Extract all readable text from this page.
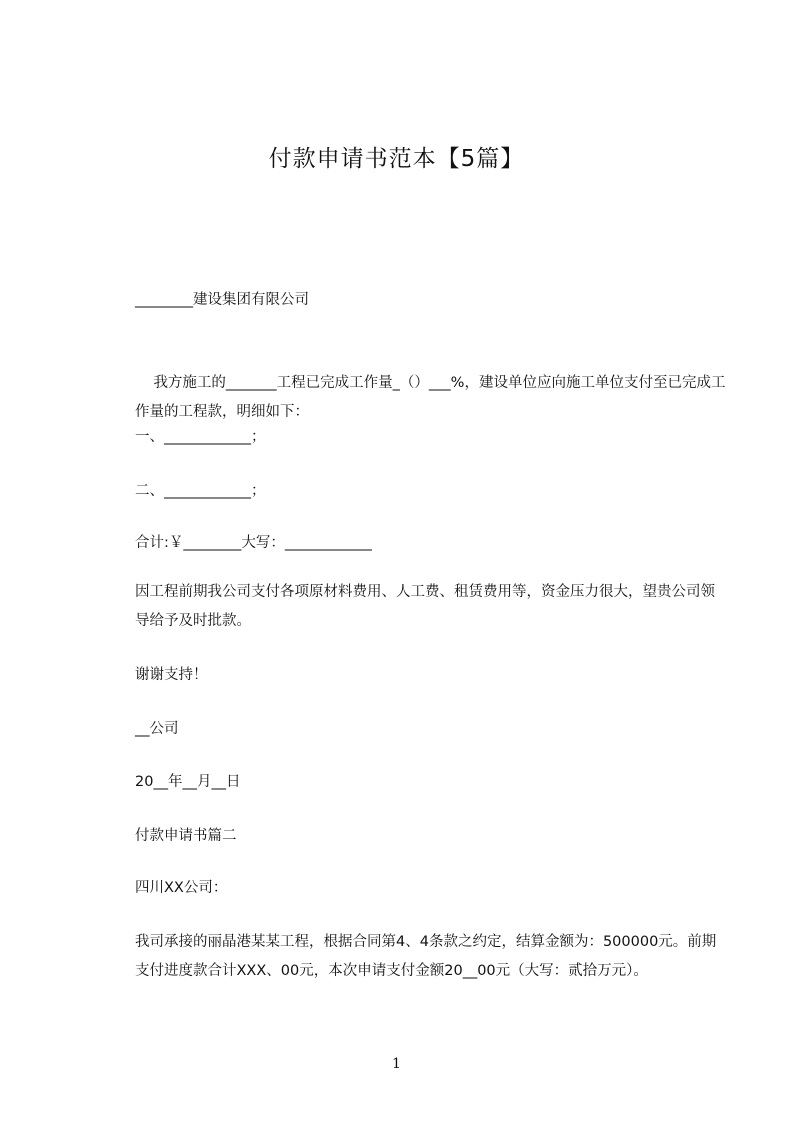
付款申请书范本【5篇】
________建设集团有限公司

我方施工的_______工程已完成工作量_（）___%，建设单位应向施工单位支付至已完成工作量的工程款，明细如下：

一、____________；
二、____________；
合计:￥________大写：____________
因工程前期我公司支付各项原材料费用、人工费、租赁费用等，资金压力很大，望贵公司领导给予及时批款。
谢谢支持！
__公司
20__年__月__日
付款申请书篇二
四川XX公司：
我司承接的丽晶港某某工程，根据合同第4、4条款之约定，结算金额为：500000元。前期支付进度款合计XXX、00元，本次申请支付金额20__00元（大写：贰拾万元）。
1
